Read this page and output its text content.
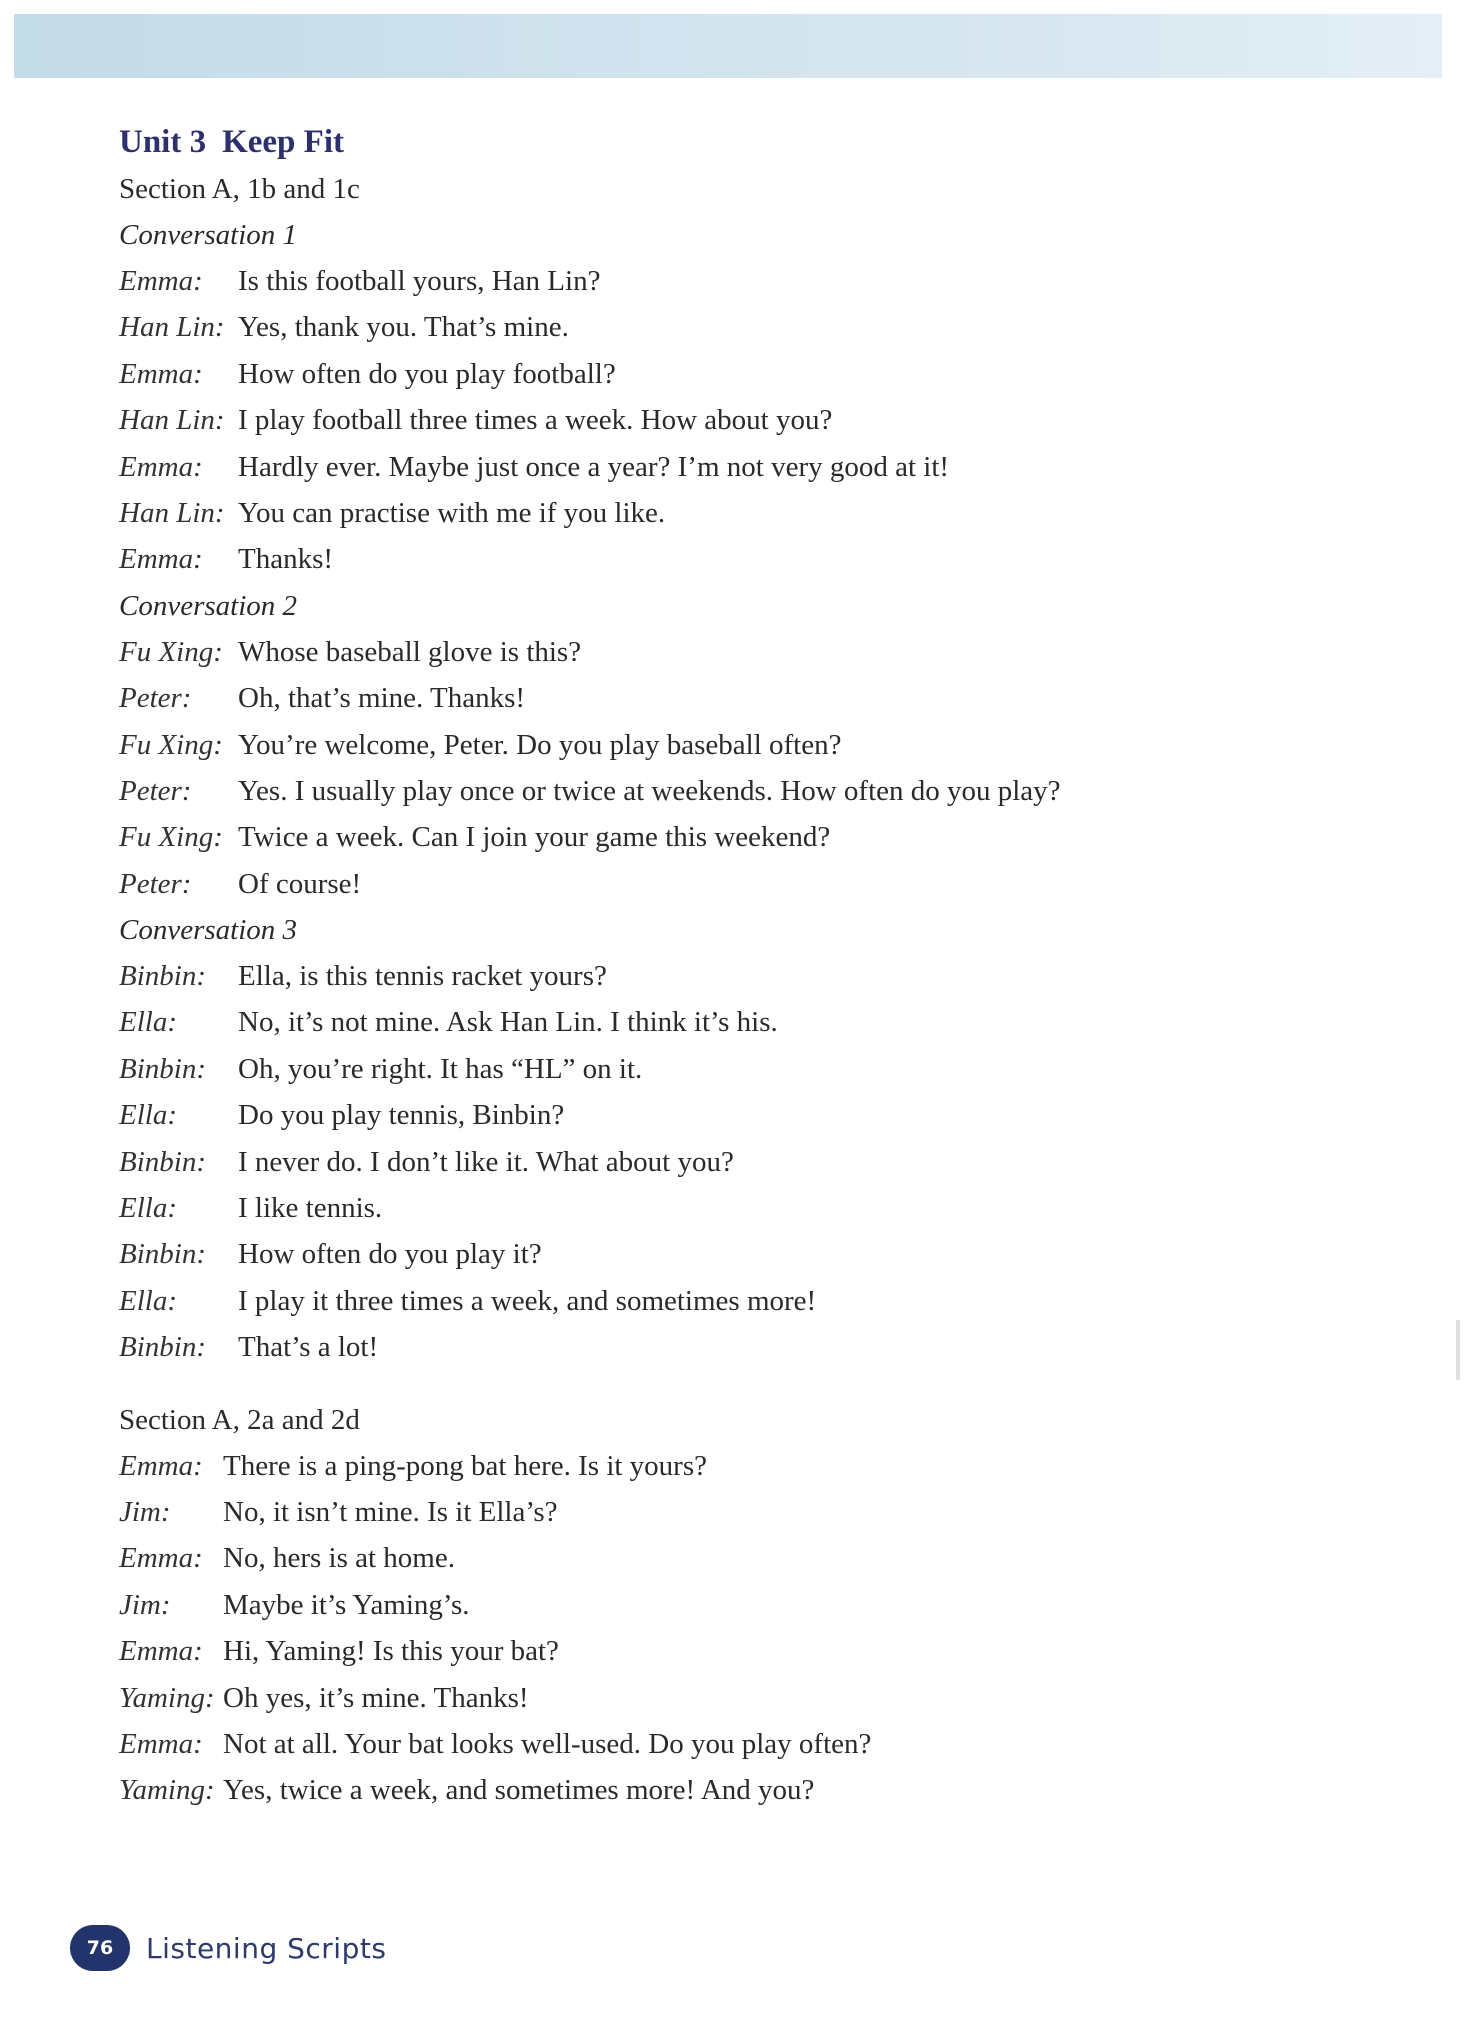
Unit 3 Keep Fit
Section A, 1b and 1c
Conversation 1
Emma:	Is this football yours, Han Lin?
Han Lin: Yes, thank you. That’s mine.
Emma:	How often do you play football?
Han Lin: I play football three times a week. How about you?
Emma:	Hardly ever. Maybe just once a year? I’m not very good at it!
Han Lin: You can practise with me if you like.
Emma:	Thanks!
Conversation 2
Fu Xing: Whose baseball glove is this?
Peter:	Oh, that’s mine. Thanks!
Fu Xing: You’re welcome, Peter. Do you play baseball often?
Peter:	Yes. I usually play once or twice at weekends. How often do you play?
Fu Xing: Twice a week. Can I join your game this weekend?
Peter:	Of course!
Conversation 3
Binbin:	Ella, is this tennis racket yours?
Ella:	No, it’s not mine. Ask Han Lin. I think it’s his.
Binbin:	Oh, you’re right. It has “HL” on it.
Ella:	Do you play tennis, Binbin?
Binbin:	I never do. I don’t like it. What about you?
Ella:	I like tennis.
Binbin:	How often do you play it?
Ella:	I play it three times a week, and sometimes more!
Binbin:	That’s a lot!
Section A, 2a and 2d
Emma: There is a ping-pong bat here. Is it yours?
Jim:	No, it isn’t mine. Is it Ella’s?
Emma: No, hers is at home.
Jim:	Maybe it’s Yaming’s.
Emma: Hi, Yaming! Is this your bat?
Yaming: Oh yes, it’s mine. Thanks!
Emma: Not at all. Your bat looks well-used. Do you play often?
Yaming: Yes, twice a week, and sometimes more! And you?
76	Listening Scripts
